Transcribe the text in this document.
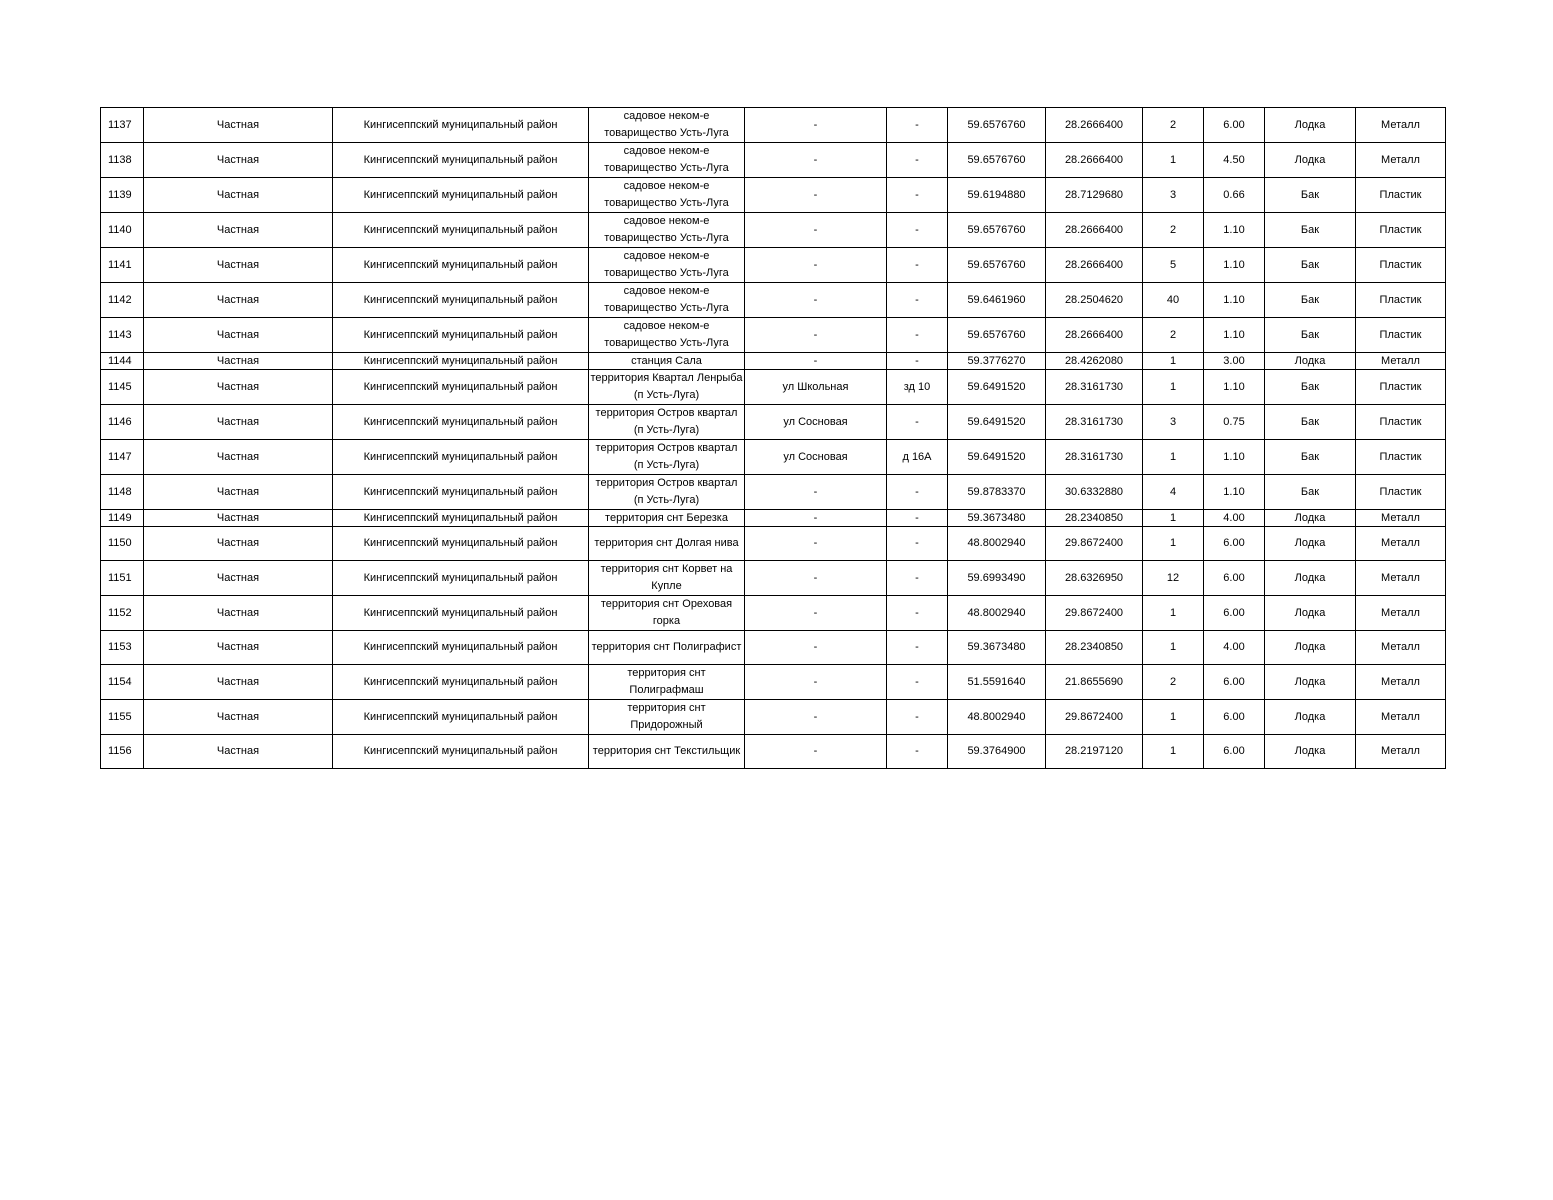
1137	Частная	Кингисеппский муниципальный район	садовое неком-е товарищество Усть-Луга	-	-	59.6576760	28.2666400	2	6.00	Лодка	Металл
1138	Частная	Кингисеппский муниципальный район	садовое неком-е товарищество Усть-Луга	-	-	59.6576760	28.2666400	1	4.50	Лодка	Металл
1139	Частная	Кингисеппский муниципальный район	садовое неком-е товарищество Усть-Луга	-	-	59.6194880	28.7129680	3	0.66	Бак	Пластик
1140	Частная	Кингисеппский муниципальный район	садовое неком-е товарищество Усть-Луга	-	-	59.6576760	28.2666400	2	1.10	Бак	Пластик
1141	Частная	Кингисеппский муниципальный район	садовое неком-е товарищество Усть-Луга	-	-	59.6576760	28.2666400	5	1.10	Бак	Пластик
1142	Частная	Кингисеппский муниципальный район	садовое неком-е товарищество Усть-Луга	-	-	59.6461960	28.2504620	40	1.10	Бак	Пластик
1143	Частная	Кингисеппский муниципальный район	садовое неком-е товарищество Усть-Луга	-	-	59.6576760	28.2666400	2	1.10	Бак	Пластик
1144	Частная	Кингисеппский муниципальный район	станция Сала	-	-	59.3776270	28.4262080	1	3.00	Лодка	Металл
1145	Частная	Кингисеппский муниципальный район	территория Квартал Ленрыба (п Усть-Луга)	ул Школьная	зд 10	59.6491520	28.3161730	1	1.10	Бак	Пластик
1146	Частная	Кингисеппский муниципальный район	территория Остров квартал (п Усть-Луга)	ул Сосновая	-	59.6491520	28.3161730	3	0.75	Бак	Пластик
1147	Частная	Кингисеппский муниципальный район	территория Остров квартал (п Усть-Луга)	ул Сосновая	д 16А	59.6491520	28.3161730	1	1.10	Бак	Пластик
1148	Частная	Кингисеппский муниципальный район	территория Остров квартал (п Усть-Луга)	-	-	59.8783370	30.6332880	4	1.10	Бак	Пластик
1149	Частная	Кингисеппский муниципальный район	территория снт Березка	-	-	59.3673480	28.2340850	1	4.00	Лодка	Металл
1150	Частная	Кингисеппский муниципальный район	территория снт Долгая нива	-	-	48.8002940	29.8672400	1	6.00	Лодка	Металл
1151	Частная	Кингисеппский муниципальный район	территория снт Корвет на Купле	-	-	59.6993490	28.6326950	12	6.00	Лодка	Металл
1152	Частная	Кингисеппский муниципальный район	территория снт Ореховая горка	-	-	48.8002940	29.8672400	1	6.00	Лодка	Металл
1153	Частная	Кингисеппский муниципальный район	территория снт Полиграфист	-	-	59.3673480	28.2340850	1	4.00	Лодка	Металл
1154	Частная	Кингисеппский муниципальный район	территория снт Полиграфмаш	-	-	51.5591640	21.8655690	2	6.00	Лодка	Металл
1155	Частная	Кингисеппский муниципальный район	территория снт Придорожный	-	-	48.8002940	29.8672400	1	6.00	Лодка	Металл
1156	Частная	Кингисеппский муниципальный район	территория снт Текстильщик	-	-	59.3764900	28.2197120	1	6.00	Лодка	Металл
